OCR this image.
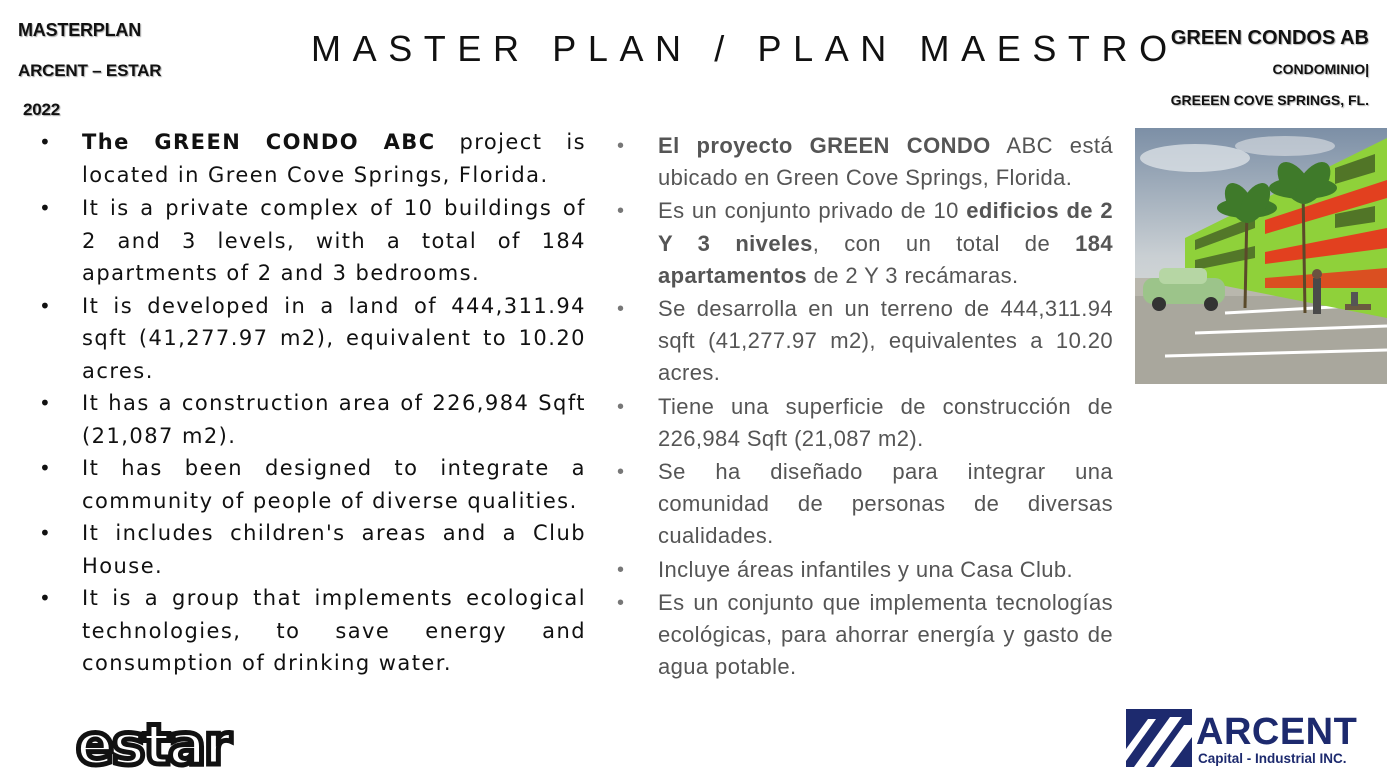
MASTERPLAN
ARCENT – ESTAR
2022
MASTER PLAN / PLAN MAESTRO
GREEN CONDOS AB
CONDOMINIO|
GREEEN COVE SPRINGS, FL.
• The GREEN CONDO ABC project is located in Green Cove Springs, Florida.
• It is a private complex of 10 buildings of 2 and 3 levels, with a total of 184 apartments of 2 and 3 bedrooms.
• It is developed in a land of 444,311.94 sqft (41,277.97 m2), equivalent to 10.20 acres.
• It has a construction area of 226,984 Sqft (21,087 m2).
• It has been designed to integrate a community of people of diverse qualities.
• It includes children's areas and a Club House.
• It is a group that implements ecological technologies, to save energy and consumption of drinking water.
• El proyecto GREEN CONDO ABC está ubicado en Green Cove Springs, Florida.
• Es un conjunto privado de 10 edificios de 2 Y 3 niveles, con un total de 184 apartamentos de 2 Y 3 recámaras.
• Se desarrolla en un terreno de 444,311.94 sqft (41,277.97 m2), equivalentes a 10.20 acres.
• Tiene una superficie de construcción de 226,984 Sqft (21,087 m2).
• Se ha diseñado para integrar una comunidad de personas de diversas cualidades.
• Incluye áreas infantiles y una Casa Club.
• Es un conjunto que implementa tecnologías ecológicas, para ahorrar energía y gasto de agua potable.
estar	ARCENT
Capital - Industrial INC.
